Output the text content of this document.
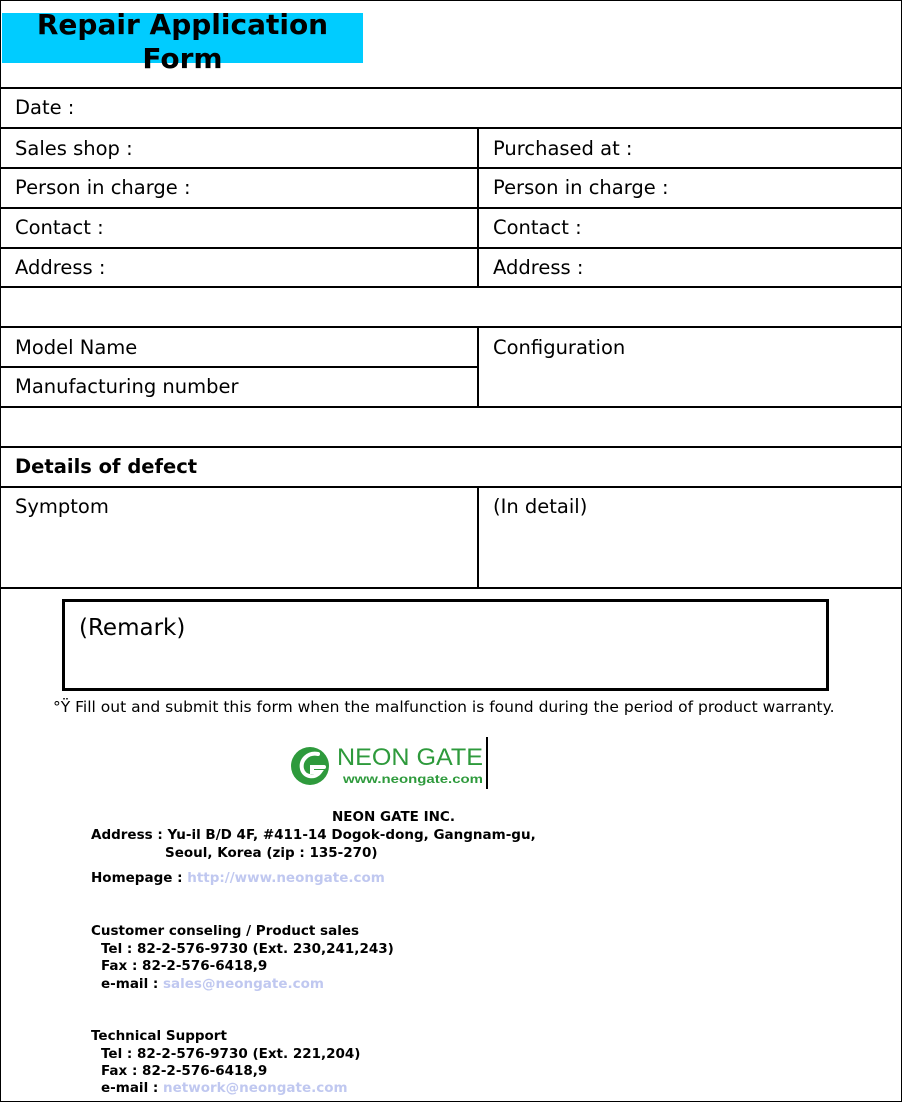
Repair Application Form
Date :
Sales shop :	Purchased at :
Person in charge :	Person in charge :
Contact :	Contact :
Address :	Address :
Model Name	Configuration
Manufacturing number
Details of defect
Symptom	(In detail)
(Remark)
°Ÿ Fill out and submit this form when the malfunction is found during the period of product warranty.
NEON GATE
www.neongate.com
NEON GATE INC.
Address : Yu-il B/D 4F, #411-14 Dogok-dong, Gangnam-gu,
Seoul, Korea (zip : 135-270)
Homepage : http://www.neongate.com
Customer conseling / Product sales
Tel : 82-2-576-9730 (Ext. 230,241,243)
Fax : 82-2-576-6418,9
e-mail : sales@neongate.com
Technical Support
Tel : 82-2-576-9730 (Ext. 221,204)
Fax : 82-2-576-6418,9
e-mail : network@neongate.com
